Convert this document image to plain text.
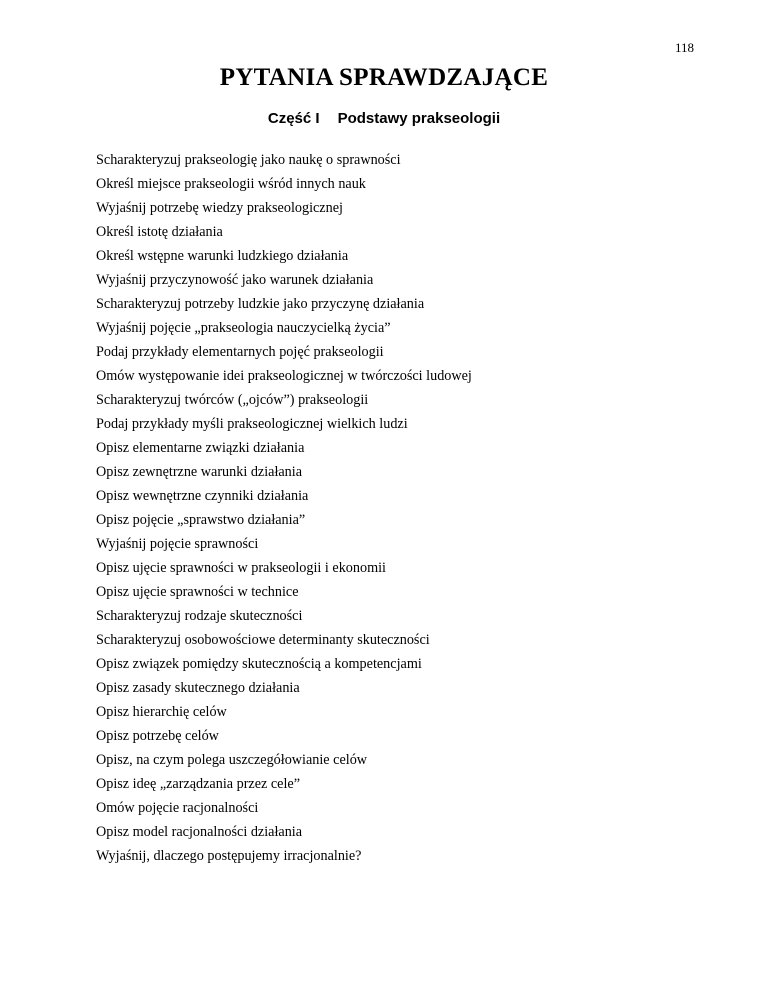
118
PYTANIA SPRAWDZAJĄCE
Część I Podstawy prakseologii
Scharakteryzuj prakseologię jako naukę o sprawności
Określ miejsce prakseologii wśród innych nauk
Wyjaśnij potrzebę wiedzy prakseologicznej
Określ istotę działania
Określ wstępne warunki ludzkiego działania
Wyjaśnij przyczynowość jako warunek działania
Scharakteryzuj potrzeby ludzkie jako przyczynę działania
Wyjaśnij pojęcie „prakseologia nauczycielką życia”
Podaj przykłady elementarnych pojęć prakseologii
Omów występowanie idei prakseologicznej w twórczości ludowej
Scharakteryzuj twórców („ojców”) prakseologii
Podaj przykłady myśli prakseologicznej wielkich ludzi
Opisz elementarne związki działania
Opisz zewnętrzne warunki działania
Opisz wewnętrzne czynniki działania
Opisz pojęcie „sprawstwo działania”
Wyjaśnij pojęcie sprawności
Opisz ujęcie sprawności w prakseologii i ekonomii
Opisz ujęcie sprawności w technice
Scharakteryzuj rodzaje skuteczności
Scharakteryzuj osobowościowe determinanty skuteczności
Opisz związek pomiędzy skutecznością a kompetencjami
Opisz zasady skutecznego działania
Opisz hierarchię celów
Opisz potrzebę celów
Opisz, na czym polega uszczegółowianie celów
Opisz ideę „zarządzania przez cele”
Omów pojęcie racjonalności
Opisz model racjonalności działania
Wyjaśnij, dlaczego postępujemy irracjonalnie?
